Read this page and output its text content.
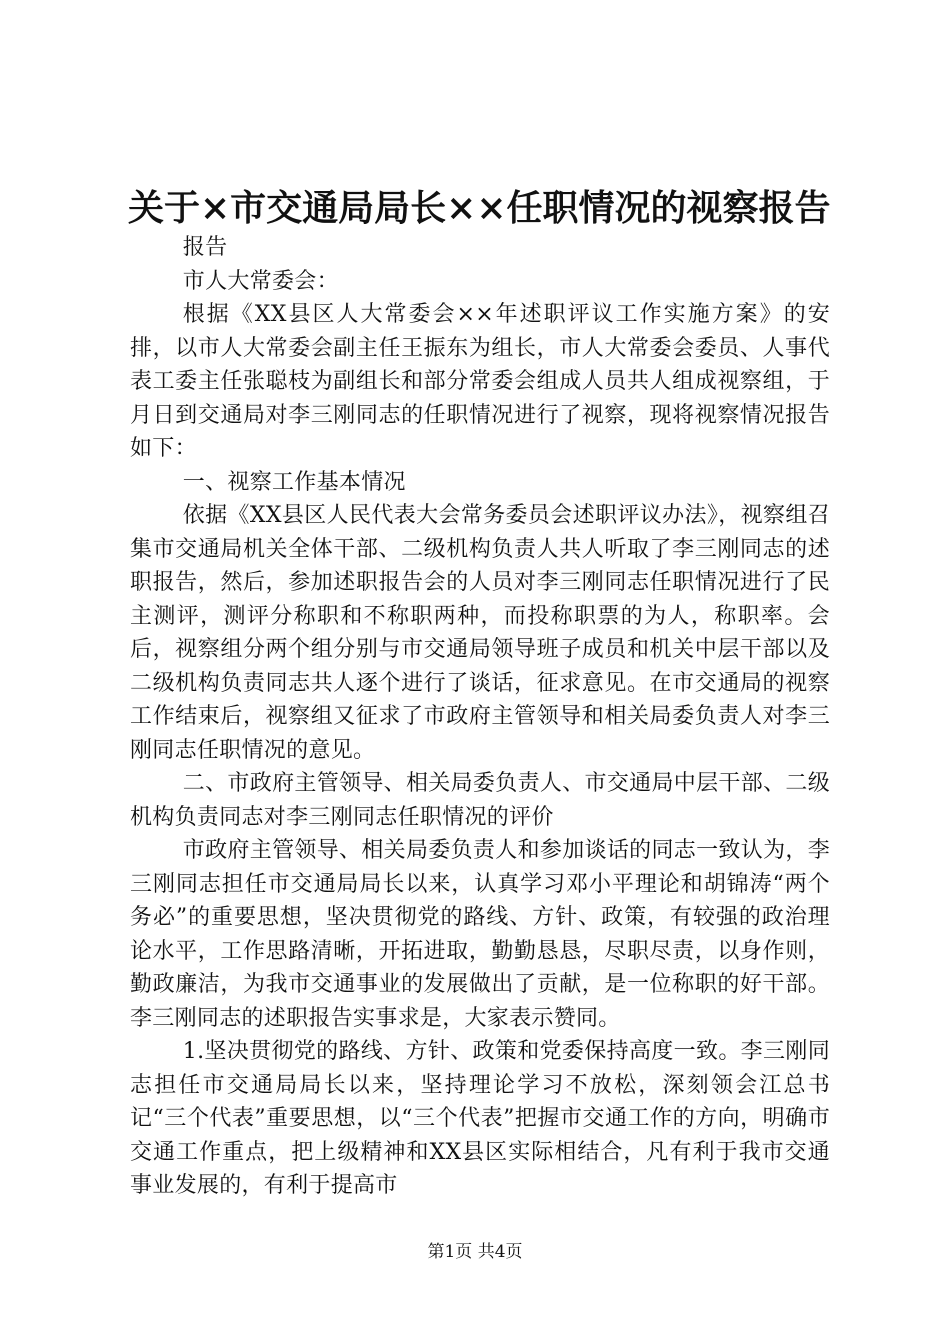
关于×市交通局局长××任职情况的视察报告

报告

市人大常委会：

根据《XX县区人大常委会××年述职评议工作实施方案》的安排，以市人大常委会副主任王振东为组长，市人大常委会委员、人事代表工委主任张聪枝为副组长和部分常委会组成人员共人组成视察组，于月日到交通局对李三刚同志的任职情况进行了视察，现将视察情况报告如下：

一、视察工作基本情况

依据《XX县区人民代表大会常务委员会述职评议办法》，视察组召集市交通局机关全体干部、二级机构负责人共人听取了李三刚同志的述职报告，然后，参加述职报告会的人员对李三刚同志任职情况进行了民主测评，测评分称职和不称职两种，而投称职票的为人，称职率。会后，视察组分两个组分别与市交通局领导班子成员和机关中层干部以及二级机构负责同志共人逐个进行了谈话，征求意见。在市交通局的视察工作结束后，视察组又征求了市政府主管领导和相关局委负责人对李三刚同志任职情况的意见。

二、市政府主管领导、相关局委负责人、市交通局中层干部、二级机构负责同志对李三刚同志任职情况的评价

市政府主管领导、相关局委负责人和参加谈话的同志一致认为，李三刚同志担任市交通局局长以来，认真学习邓小平理论和胡锦涛“两个务必”的重要思想，坚决贯彻党的路线、方针、政策，有较强的政治理论水平，工作思路清晰，开拓进取，勤勤恳恳，尽职尽责，以身作则，勤政廉洁，为我市交通事业的发展做出了贡献，是一位称职的好干部。李三刚同志的述职报告实事求是，大家表示赞同。

1.坚决贯彻党的路线、方针、政策和党委保持高度一致。李三刚同志担任市交通局局长以来，坚持理论学习不放松，深刻领会江总书记“三个代表”重要思想，以“三个代表”把握市交通工作的方向，明确市交通工作重点，把上级精神和XX县区实际相结合，凡有利于我市交通事业发展的，有利于提高市

第1页 共4页
